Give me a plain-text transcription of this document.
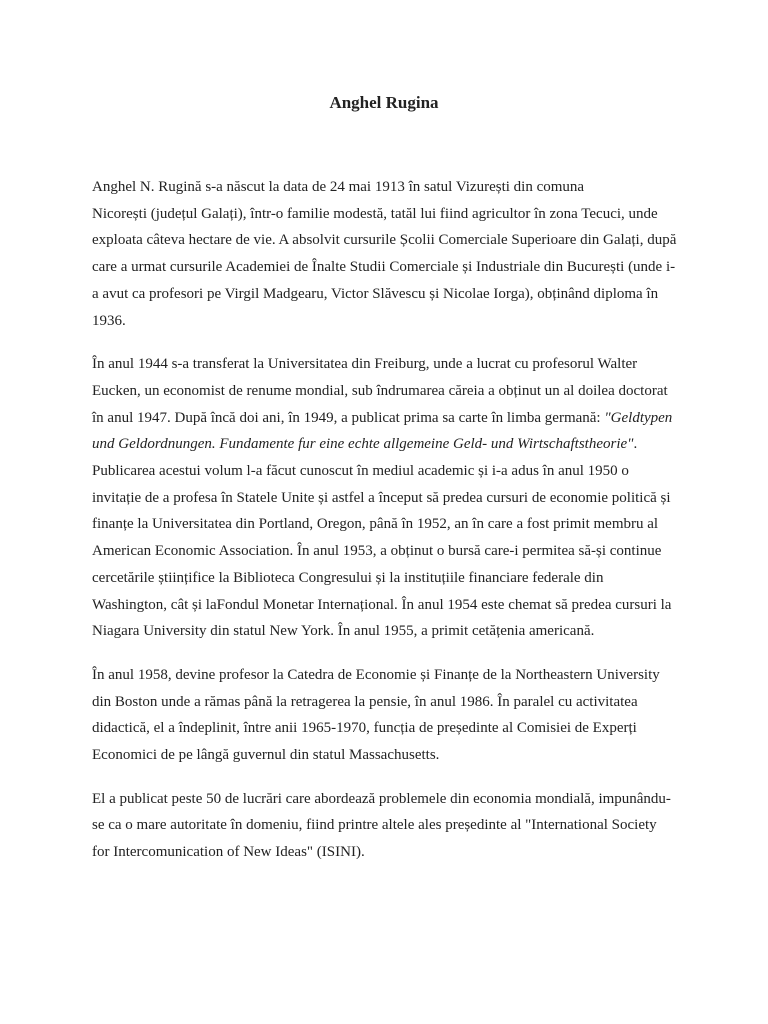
Anghel Rugina

Anghel N. Rugină s-a născut la data de 24 mai 1913 în satul Vizurești din comuna
Nicorești (județul Galați), într-o familie modestă, tatăl lui fiind agricultor în zona Tecuci, unde
exploata câteva hectare de vie. A absolvit cursurile Școlii Comerciale Superioare din Galați, după
care a urmat cursurile Academiei de Înalte Studii Comerciale și Industriale din București (unde i-
a avut ca profesori pe Virgil Madgearu, Victor Slăvescu și Nicolae Iorga), obținând diploma în
1936.

În anul 1944 s-a transferat la Universitatea din Freiburg, unde a lucrat cu profesorul Walter
Eucken, un economist de renume mondial, sub îndrumarea căreia a obținut un al doilea doctorat
în anul 1947. După încă doi ani, în 1949, a publicat prima sa carte în limba germană: "Geldtypen
und Geldordnungen. Fundamente fur eine echte allgemeine Geld- und Wirtschaftstheorie".
Publicarea acestui volum l-a făcut cunoscut în mediul academic și i-a adus în anul 1950 o
invitație de a profesa în Statele Unite și astfel a început să predea cursuri de economie politică și
finanțe la Universitatea din Portland, Oregon, până în 1952, an în care a fost primit membru al
American Economic Association. În anul 1953, a obținut o bursă care-i permitea să-și continue
cercetările științifice la Biblioteca Congresului și la instituțiile financiare federale din
Washington, cât și laFondul Monetar Internațional. În anul 1954 este chemat să predea cursuri la
Niagara University din statul New York. În anul 1955, a primit cetățenia americană.

În anul 1958, devine profesor la Catedra de Economie și Finanțe de la Northeastern University
din Boston unde a rămas până la retragerea la pensie, în anul 1986. În paralel cu activitatea
didactică, el a îndeplinit, între anii 1965-1970, funcția de președinte al Comisiei de Experți
Economici de pe lângă guvernul din statul Massachusetts.

El a publicat peste 50 de lucrări care abordează problemele din economia mondială, impunându-
se ca o mare autoritate în domeniu, fiind printre altele ales președinte al "International Society
for Intercomunication of New Ideas" (ISINI).
